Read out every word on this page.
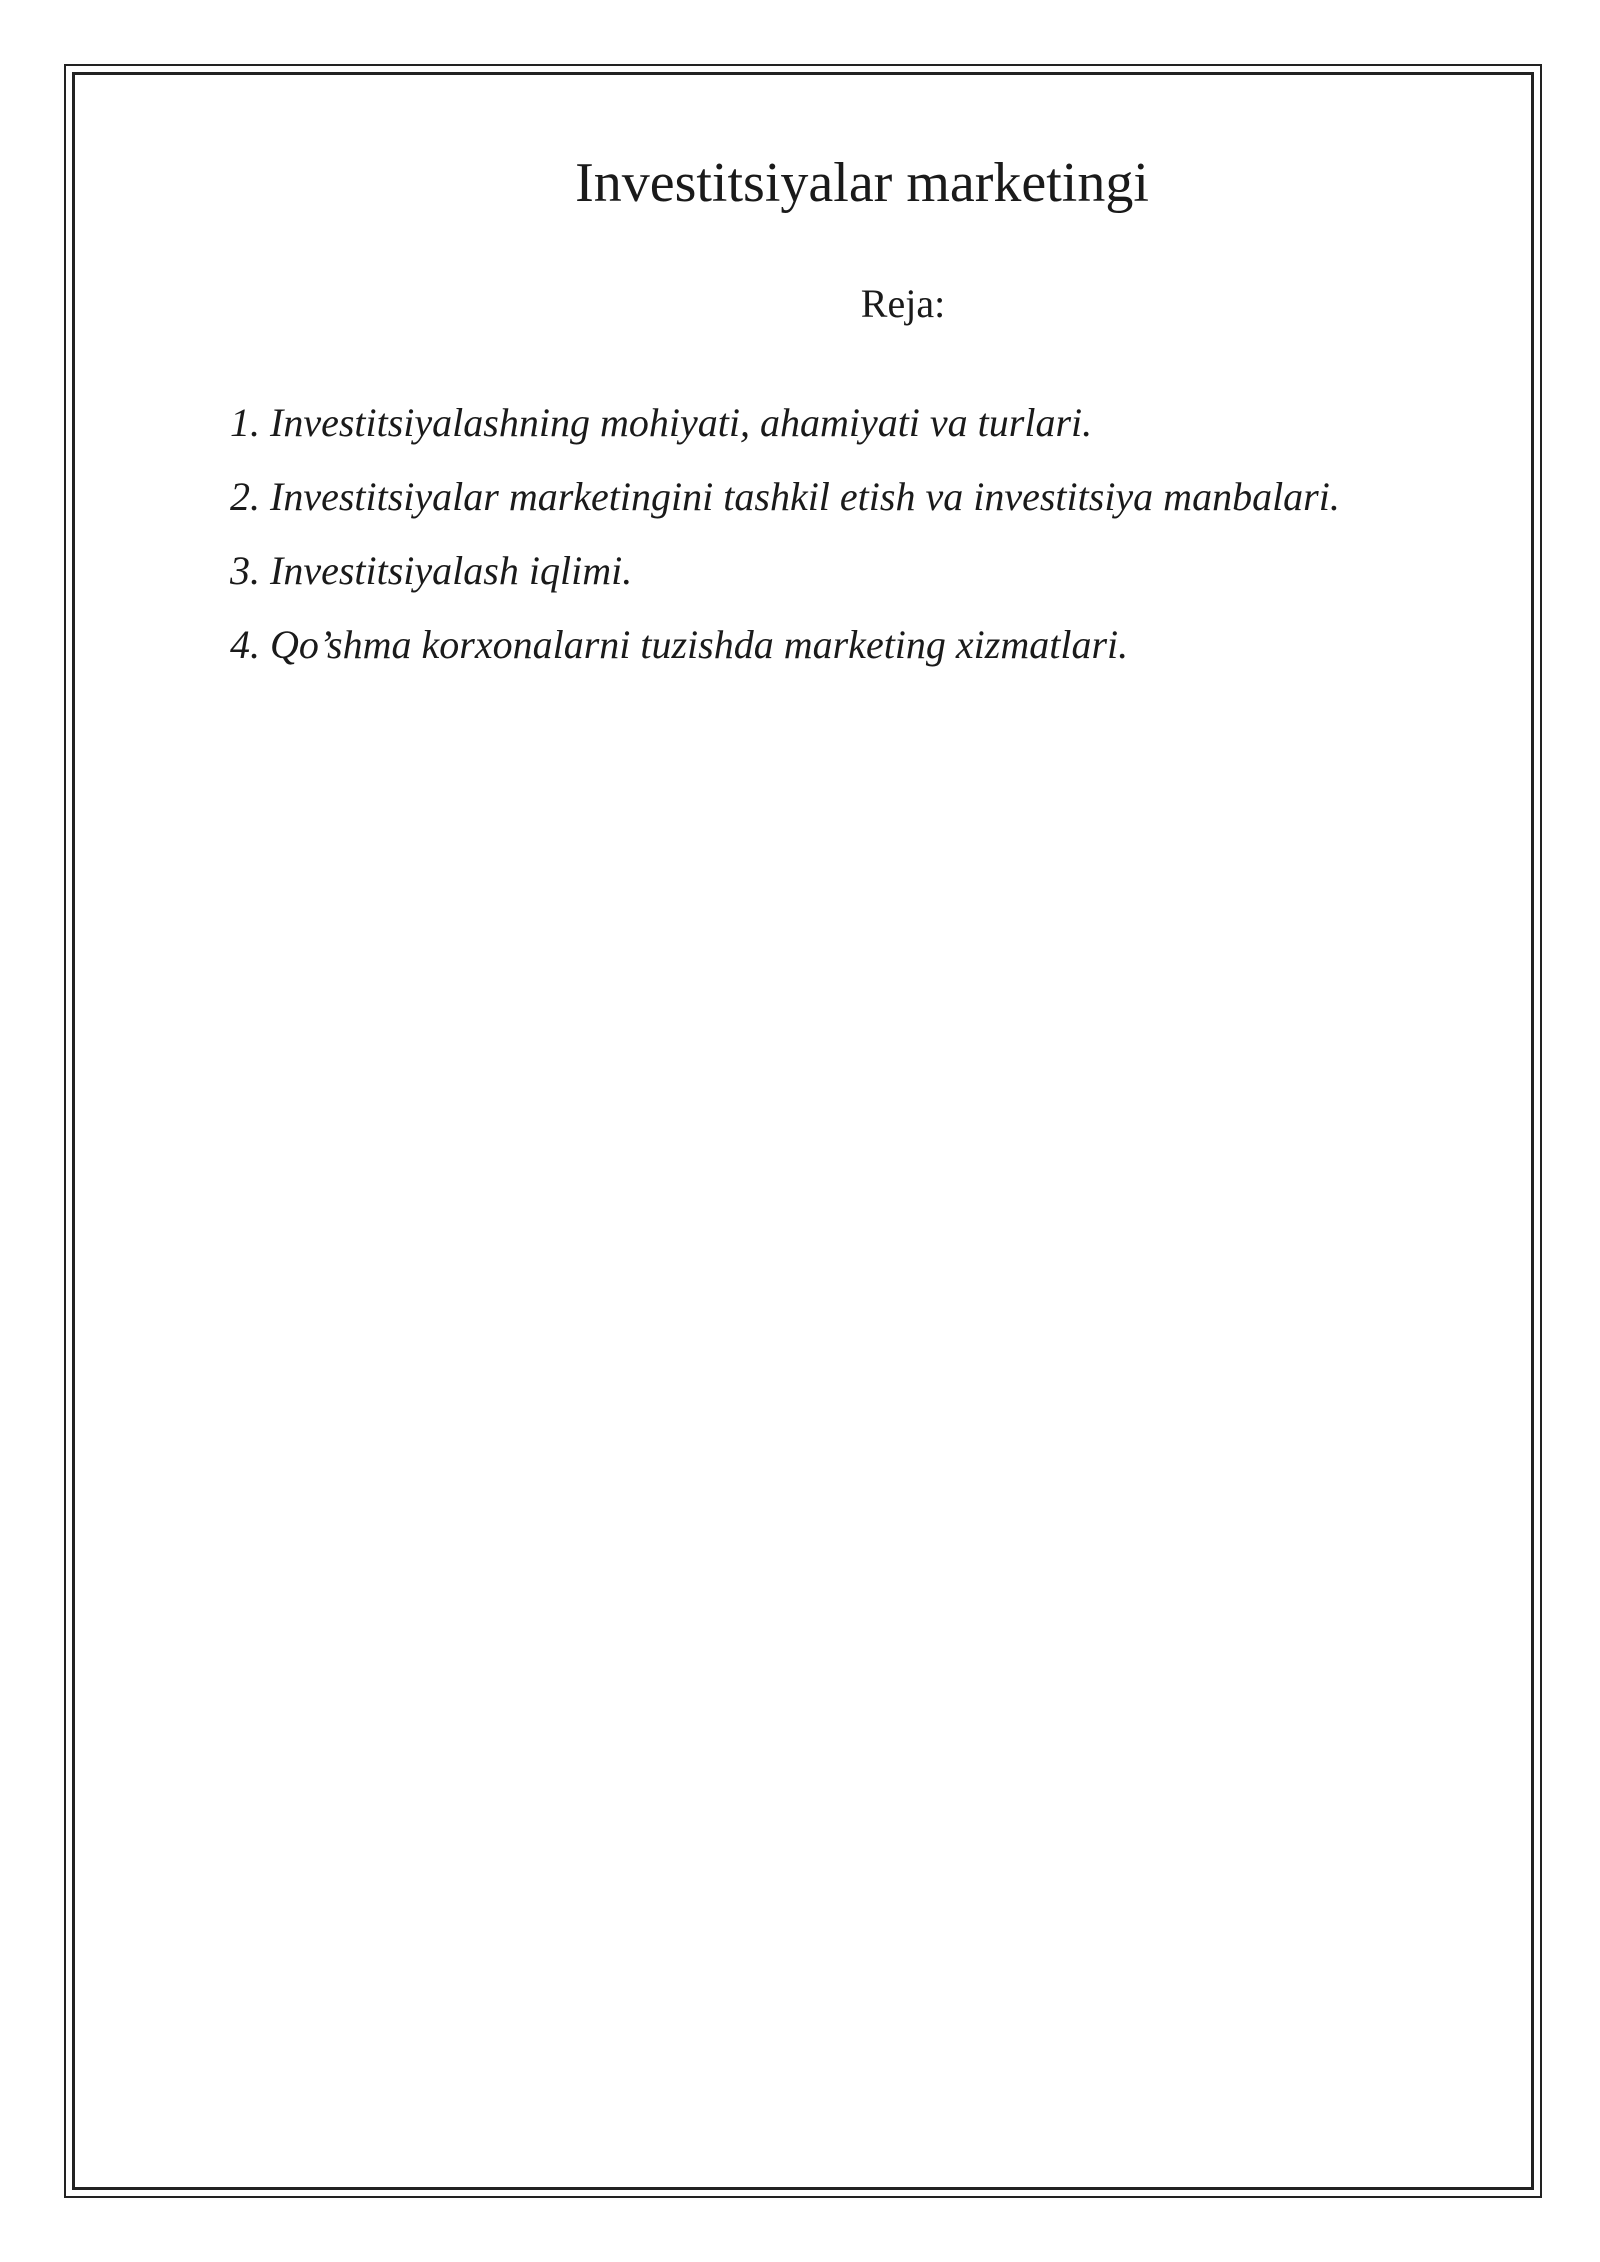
Investitsiyalar marketingi
Reja:
1. Investitsiyalashning mohiyati, ahamiyati va turlari.
2. Investitsiyalar marketingini tashkil etish va investitsiya manbalari.
3. Investitsiyalash iqlimi.
4. Qo’shma korxonalarni tuzishda marketing xizmatlari.
